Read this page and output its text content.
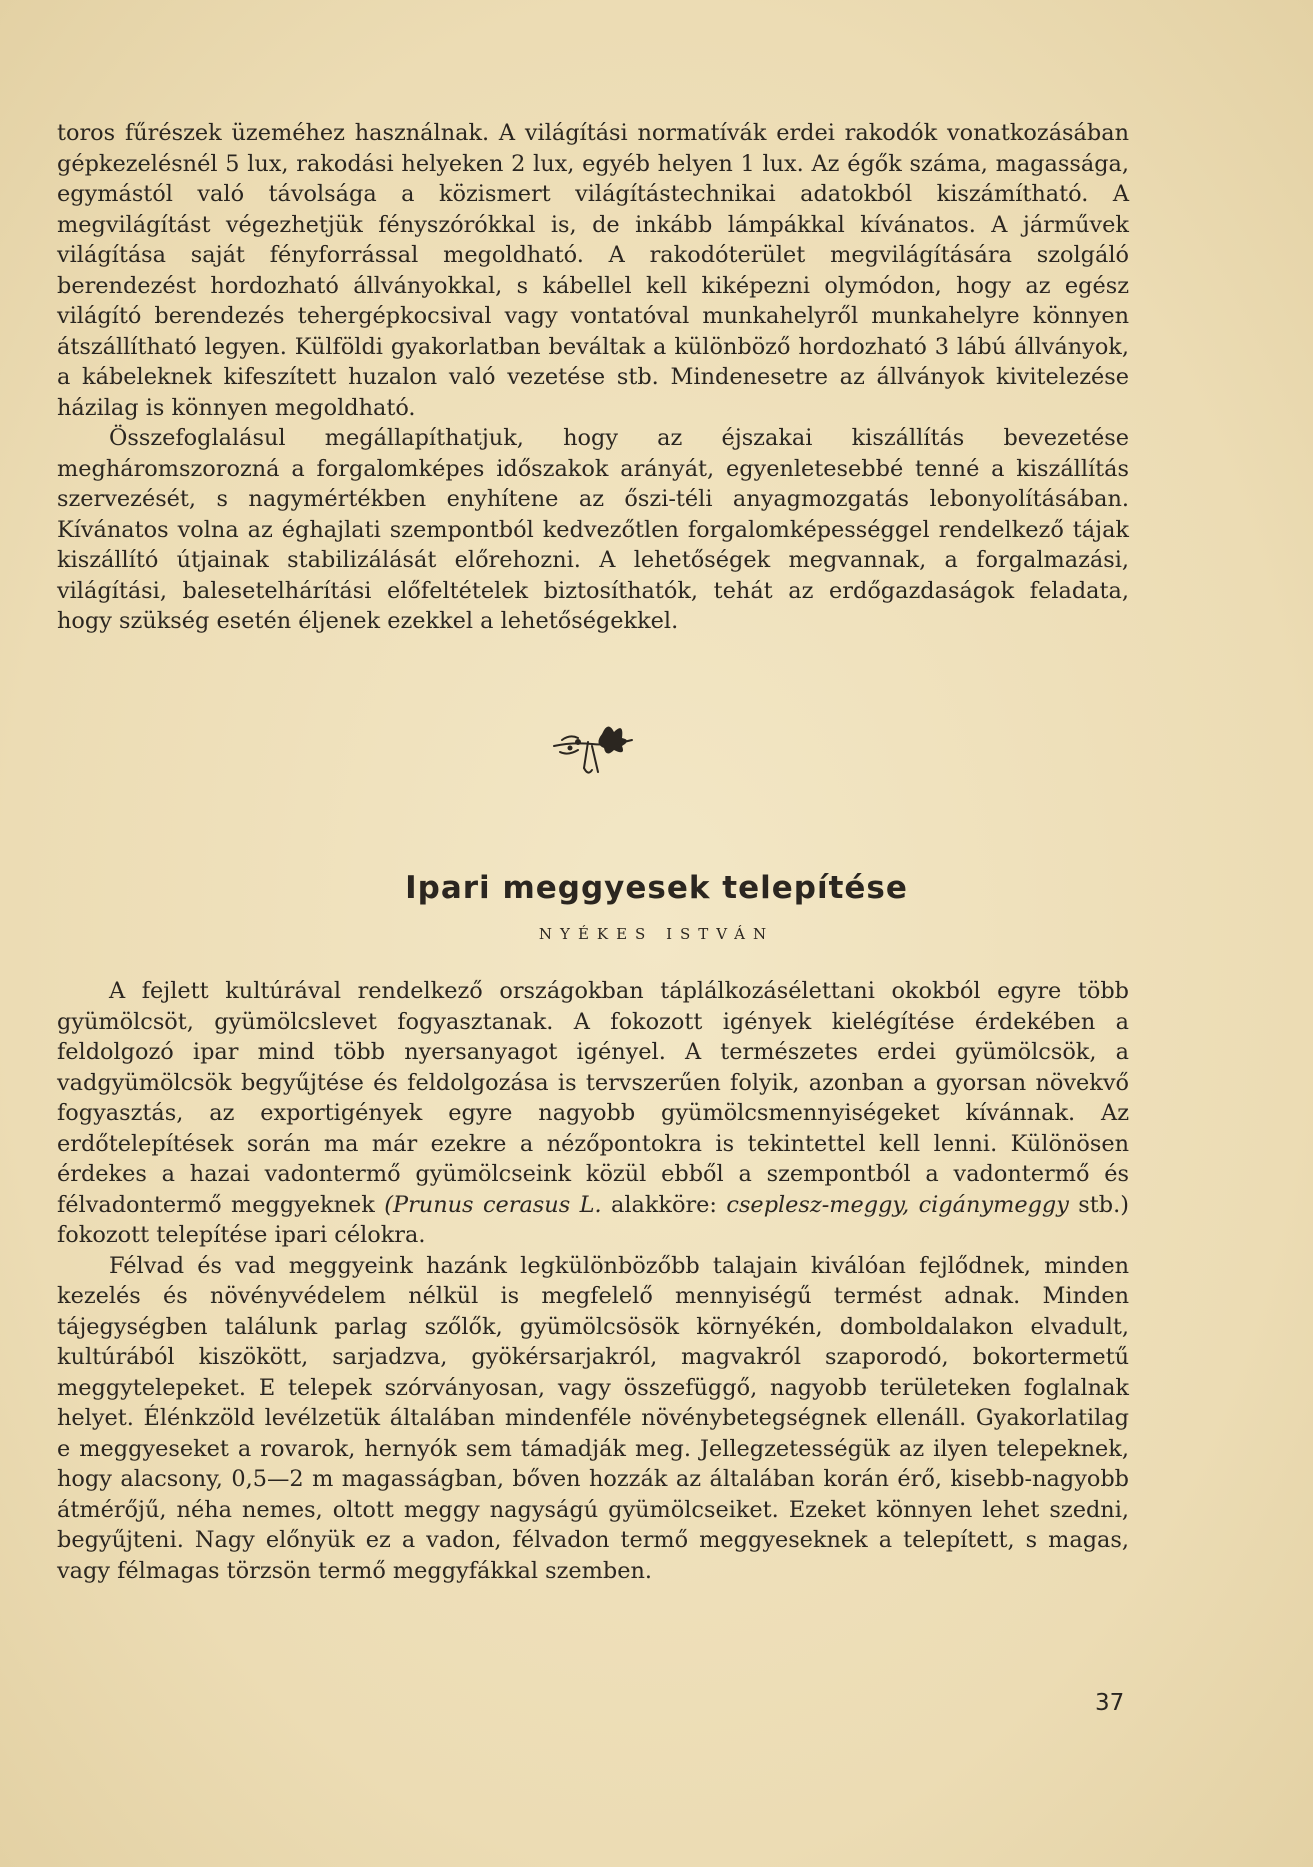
toros fűrészek üzeméhez használnak. A világítási normatívák erdei rakodók vonatkozásában gépkezelésnél 5 lux, rakodási helyeken 2 lux, egyéb helyen 1 lux. Az égők száma, magassága, egymástól való távolsága a közismert világítástechnikai adatokból kiszámítható. A megvilágítást végezhetjük fényszórókkal is, de inkább lámpákkal kívánatos. A járművek világítása saját fényforrással megoldható. A rakodóterület megvilágítására szolgáló berendezést hordozható állványokkal, s kábellel kell kiképezni olymódon, hogy az egész világító berendezés tehergépkocsival vagy vontatóval munkahelyről munkahelyre könnyen átszállítható legyen. Külföldi gyakorlatban beváltak a különböző hordozható 3 lábú állványok, a kábeleknek kifeszített huzalon való vezetése stb. Mindenesetre az állványok kivitelezése házilag is könnyen megoldható.

Összefoglalásul megállapíthatjuk, hogy az éjszakai kiszállítás bevezetése megháromszorozná a forgalomképes időszakok arányát, egyenletesebbé tenné a kiszállítás szervezését, s nagymértékben enyhítene az őszi-téli anyagmozgatás lebonyolításában. Kívánatos volna az éghajlati szempontból kedvezőtlen forgalomképességgel rendelkező tájak kiszállító útjainak stabilizálását előrehozni. A lehetőségek megvannak, a forgalmazási, világítási, balesetelhárítási előfeltételek biztosíthatók, tehát az erdőgazdaságok feladata, hogy szükség esetén éljenek ezekkel a lehetőségekkel.

Ipari meggyesek telepítése
NYÉKES ISTVÁN

A fejlett kultúrával rendelkező országokban táplálkozásélettani okokból egyre több gyümölcsöt, gyümölcslevet fogyasztanak. A fokozott igények kielégítése érdekében a feldolgozó ipar mind több nyersanyagot igényel. A természetes erdei gyümölcsök, a vadgyümölcsök begyűjtése és feldolgozása is tervszerűen folyik, azonban a gyorsan növekvő fogyasztás, az exportigények egyre nagyobb gyümölcsmennyiségeket kívánnak. Az erdőtelepítések során ma már ezekre a nézőpontokra is tekintettel kell lenni. Különösen érdekes a hazai vadontermő gyümölcseink közül ebből a szempontból a vadontermő és félvadontermő meggyeknek (Prunus cerasus L. alakköre: cseplesz-meggy, cigánymeggy stb.) fokozott telepítése ipari célokra.

Félvad és vad meggyeink hazánk legkülönbözőbb talajain kiválóan fejlődnek, minden kezelés és növényvédelem nélkül is megfelelő mennyiségű termést adnak. Minden tájegységben találunk parlag szőlők, gyümölcsösök környékén, domboldalakon elvadult, kultúrából kiszökött, sarjadzva, gyökérsarjakról, magvakról szaporodó, bokortermetű meggytelepeket. E telepek szórványosan, vagy összefüggő, nagyobb területeken foglalnak helyet. Élénkzöld levélzetük általában mindenféle növénybetegségnek ellenáll. Gyakorlatilag e meggyeseket a rovarok, hernyók sem támadják meg. Jellegzetességük az ilyen telepeknek, hogy alacsony, 0,5—2 m magasságban, bőven hozzák az általában korán érő, kisebb-nagyobb átmérőjű, néha nemes, oltott meggy nagyságú gyümölcseiket. Ezeket könnyen lehet szedni, begyűjteni. Nagy előnyük ez a vadon, félvadon termő meggyeseknek a telepített, s magas, vagy félmagas törzsön termő meggyfákkal szemben.

37
